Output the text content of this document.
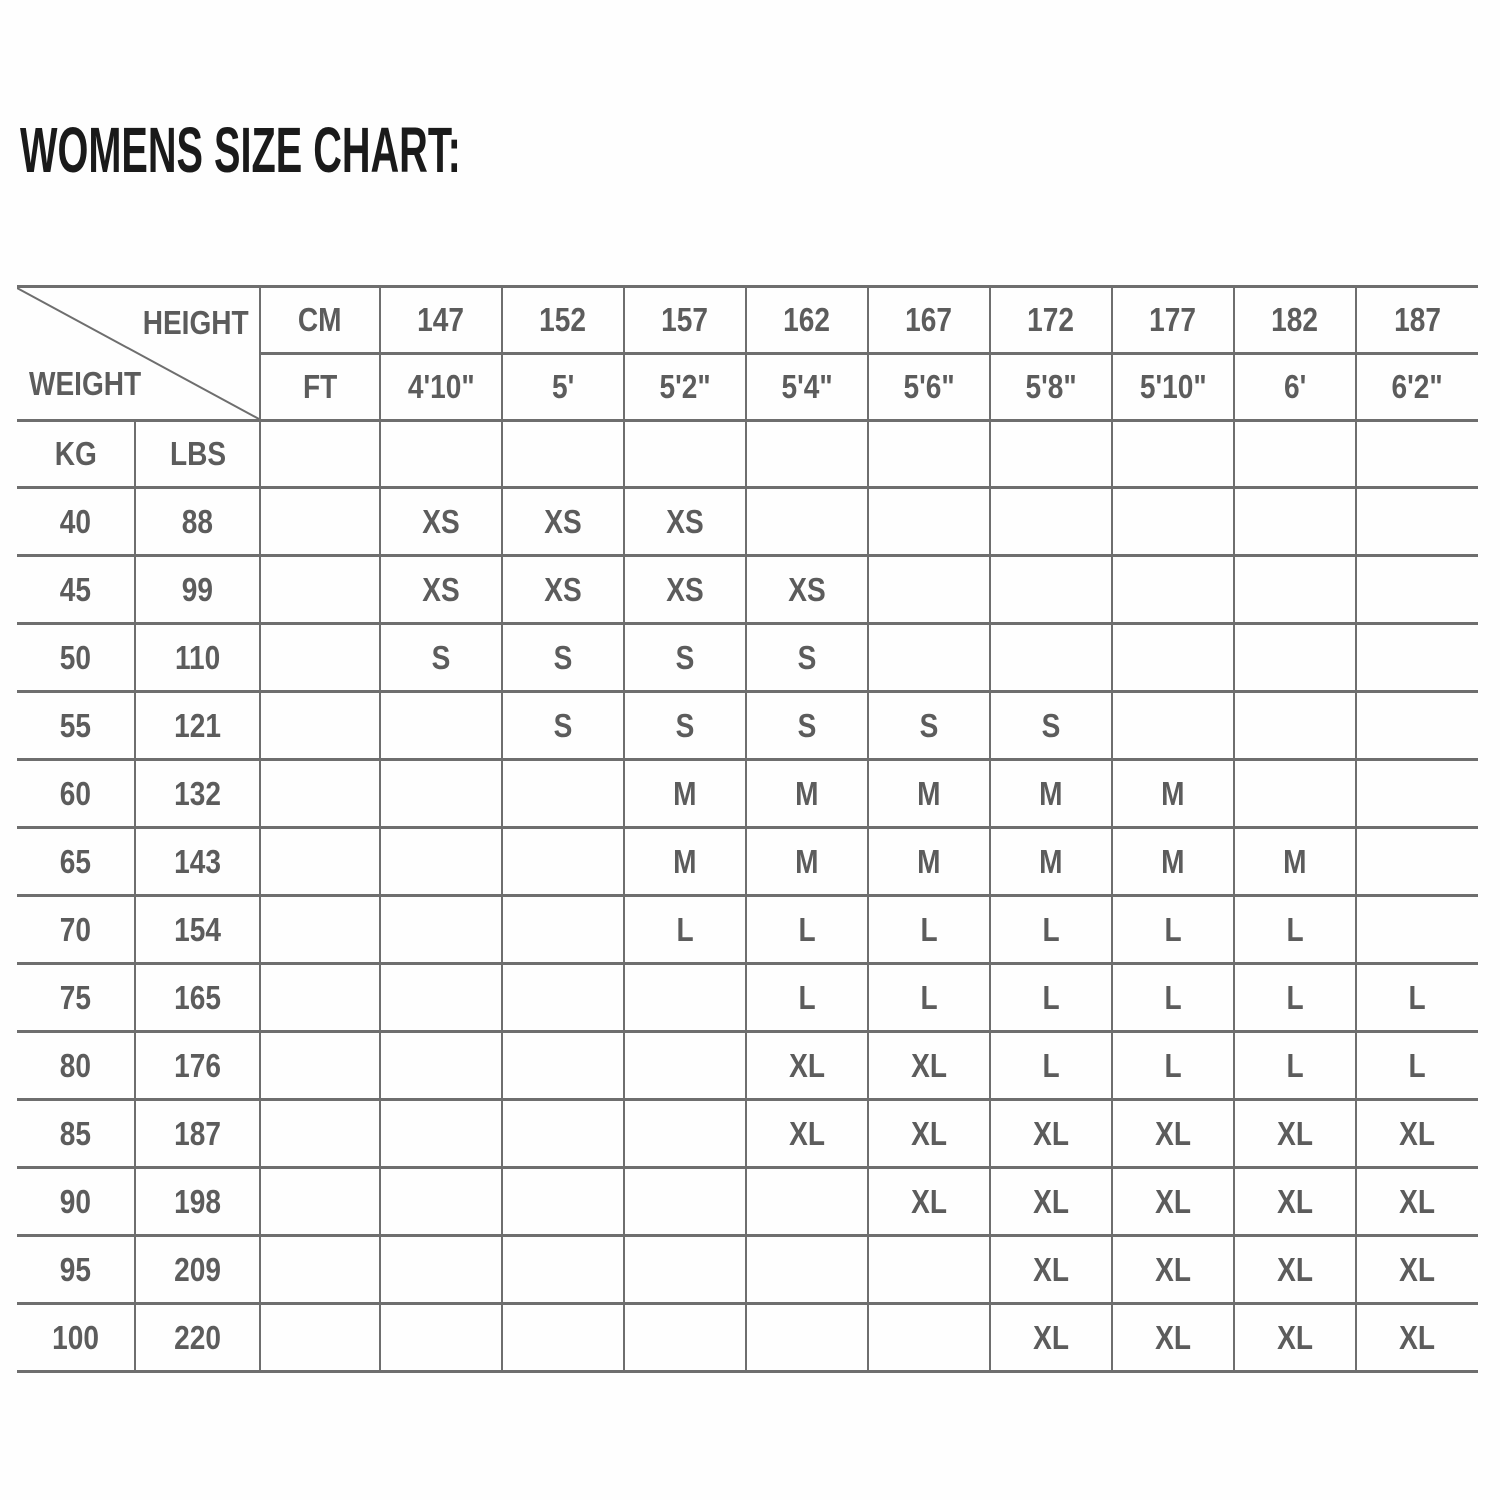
WOMENS SIZE CHART:
HEIGHT
WEIGHT		CM	147	152	157	162	167	172	177	182	187
		FT	4'10"	5'	5'2"	5'4"	5'6"	5'8"	5'10"	6'	6'2"
KG	LBS										
40	88		XS	XS	XS						
45	99		XS	XS	XS	XS					
50	110		S	S	S	S					
55	121			S	S	S	S	S			
60	132				M	M	M	M	M		
65	143				M	M	M	M	M	M	
70	154				L	L	L	L	L	L	
75	165					L	L	L	L	L	L
80	176					XL	XL	L	L	L	L
85	187					XL	XL	XL	XL	XL	XL
90	198						XL	XL	XL	XL	XL
95	209							XL	XL	XL	XL
100	220							XL	XL	XL	XL
